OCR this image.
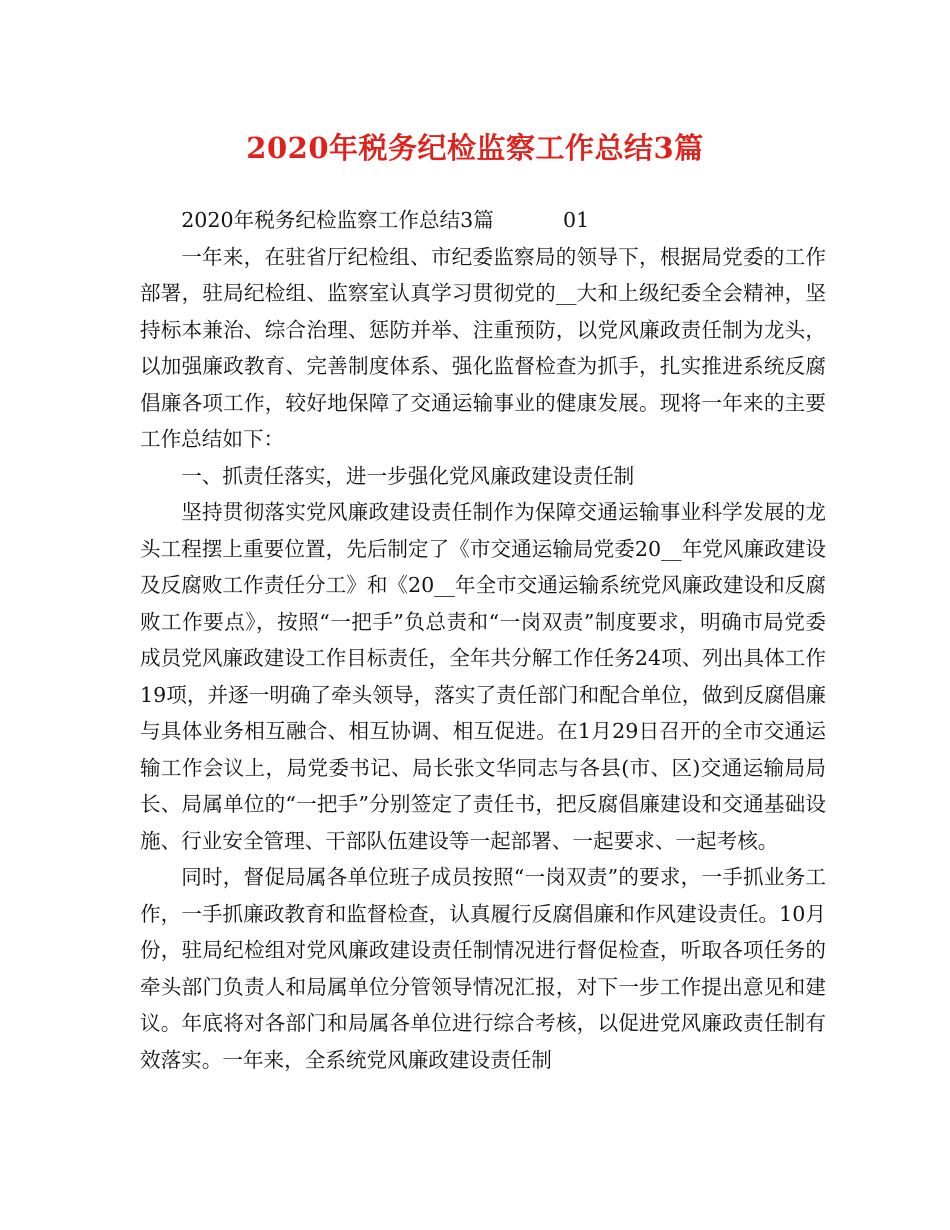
2020年税务纪检监察工作总结3篇

2020年税务纪检监察工作总结3篇	01

一年来，在驻省厅纪检组、市纪委监察局的领导下，根据局党委的工作部署，驻局纪检组、监察室认真学习贯彻党的__大和上级纪委全会精神，坚持标本兼治、综合治理、惩防并举、注重预防，以党风廉政责任制为龙头，以加强廉政教育、完善制度体系、强化监督检查为抓手，扎实推进系统反腐倡廉各项工作，较好地保障了交通运输事业的健康发展。现将一年来的主要工作总结如下：

一、抓责任落实，进一步强化党风廉政建设责任制

坚持贯彻落实党风廉政建设责任制作为保障交通运输事业科学发展的龙头工程摆上重要位置，先后制定了《市交通运输局党委20__年党风廉政建设及反腐败工作责任分工》和《20__年全市交通运输系统党风廉政建设和反腐败工作要点》，按照“一把手”负总责和“一岗双责”制度要求，明确市局党委成员党风廉政建设工作目标责任，全年共分解工作任务24项、列出具体工作19项，并逐一明确了牵头领导，落实了责任部门和配合单位，做到反腐倡廉与具体业务相互融合、相互协调、相互促进。在1月29日召开的全市交通运输工作会议上，局党委书记、局长张文华同志与各县(市、区)交通运输局局长、局属单位的“一把手”分别签定了责任书，把反腐倡廉建设和交通基础设施、行业安全管理、干部队伍建设等一起部署、一起要求、一起考核。

同时，督促局属各单位班子成员按照“一岗双责”的要求，一手抓业务工作，一手抓廉政教育和监督检查，认真履行反腐倡廉和作风建设责任。10月份，驻局纪检组对党风廉政建设责任制情况进行督促检查，听取各项任务的牵头部门负责人和局属单位分管领导情况汇报，对下一步工作提出意见和建议。年底将对各部门和局属各单位进行综合考核，以促进党风廉政责任制有效落实。一年来，全系统党风廉政建设责任制
